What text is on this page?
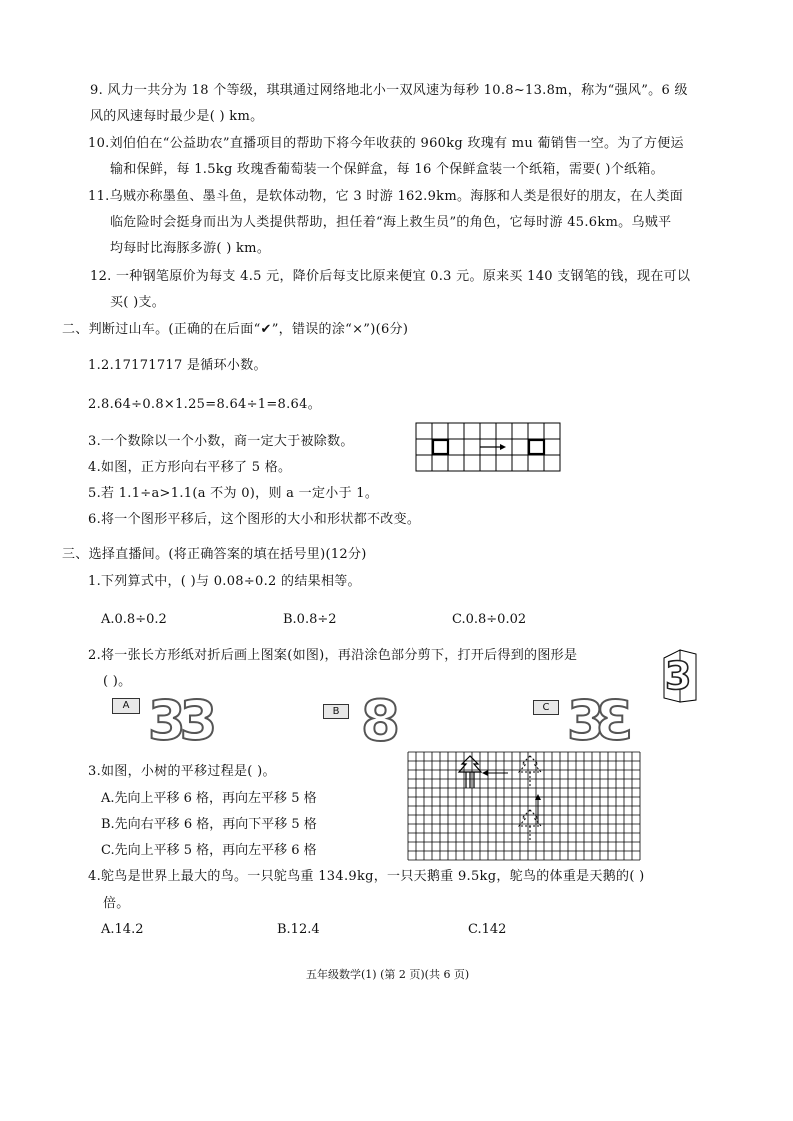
9. 风力一共分为 18 个等级，琪琪通过网络地北小一双风速为每秒 10.8~13.8m，称为“强风”。6 级
风的风速每时最少是( ) km。
10.刘伯伯在“公益助农”直播项目的帮助下将今年收获的 960kg 玫瑰有 mu 葡销售一空。为了方便运
输和保鲜，每 1.5kg 玫瑰香葡萄装一个保鲜盒，每 16 个保鲜盒装一个纸箱，需要( )个纸箱。
11.乌贼亦称墨鱼、墨斗鱼，是软体动物，它 3 时游 162.9km。海豚和人类是很好的朋友，在人类面
临危险时会挺身而出为人类提供帮助，担任着“海上救生员”的角色，它每时游 45.6km。乌贼平
均每时比海豚多游( ) km。
12. 一种钢笔原价为每支 4.5 元，降价后每支比原来便宜 0.3 元。原来买 140 支钢笔的钱，现在可以
买( )支。
二、判断过山车。(正确的在后面“✔”，错误的涂“×”)(6分)
1.2.17171717 是循环小数。
2.8.64÷0.8×1.25=8.64÷1=8.64。
3.一个数除以一个小数，商一定大于被除数。
4.如图，正方形向右平移了 5 格。
5.若 1.1÷a>1.1(a 不为 0)，则 a 一定小于 1。
6.将一个图形平移后，这个图形的大小和形状都不改变。
三、选择直播间。(将正确答案的填在括号里)(12分)
1.下列算式中，( )与 0.08÷0.2 的结果相等。
A.0.8÷0.2	B.0.8÷2	C.0.8÷0.02
2.将一张长方形纸对折后画上图案(如图)，再沿涂色部分剪下，打开后得到的图形是
( )。	3
A 33	B 8	C 3
3
3.如图，小树的平移过程是( )。
A.先向上平移 6 格，再向左平移 5 格
B.先向右平移 6 格，再向下平移 5 格
C.先向上平移 5 格，再向左平移 6 格
4.鸵鸟是世界上最大的鸟。一只鸵鸟重 134.9kg，一只天鹅重 9.5kg，鸵鸟的体重是天鹅的( )
倍。
A.14.2	B.12.4	C.142
五年级数学(1) (第 2 页)(共 6 页)
